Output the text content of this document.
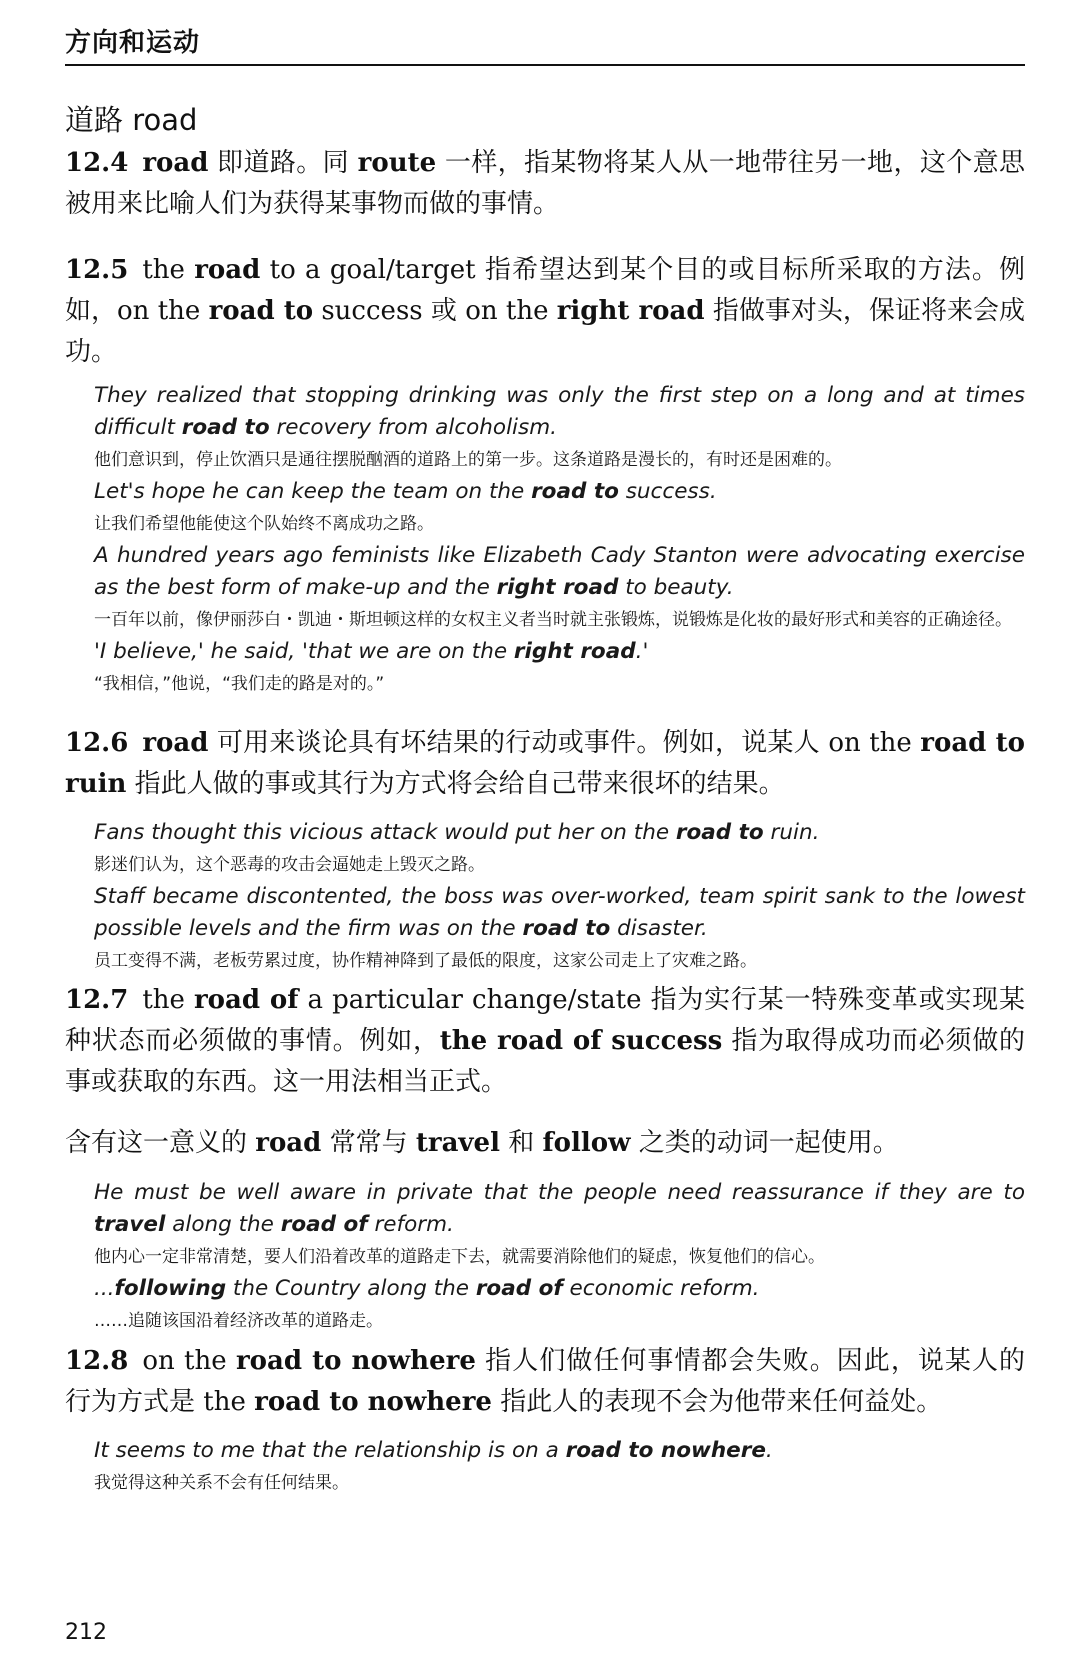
方向和运动
道路 road
12.4 road 即道路。同 route 一样，指某物将某人从一地带往另一地，这个意思被用来比喻人们为获得某事物而做的事情。
12.5 the road to a goal/target 指希望达到某个目的或目标所采取的方法。例如，on the road to success 或 on the right road 指做事对头，保证将来会成功。
They realized that stopping drinking was only the first step on a long and at times difficult road to recovery from alcoholism.
他们意识到，停止饮酒只是通往摆脱酗酒的道路上的第一步。这条道路是漫长的，有时还是困难的。
Let's hope he can keep the team on the road to success.
让我们希望他能使这个队始终不离成功之路。
A hundred years ago feminists like Elizabeth Cady Stanton were advocating exercise as the best form of make-up and the right road to beauty.
一百年以前，像伊丽莎白・凯迪・斯坦顿这样的女权主义者当时就主张锻炼，说锻炼是化妆的最好形式和美容的正确途径。
'I believe,' he said, 'that we are on the right road.'
“我相信，”他说，“我们走的路是对的。”
12.6 road 可用来谈论具有坏结果的行动或事件。例如，说某人 on the road to ruin 指此人做的事或其行为方式将会给自己带来很坏的结果。
Fans thought this vicious attack would put her on the road to ruin.
影迷们认为，这个恶毒的攻击会逼她走上毁灭之路。
Staff became discontented, the boss was over-worked, team spirit sank to the lowest possible levels and the firm was on the road to disaster.
员工变得不满，老板劳累过度，协作精神降到了最低的限度，这家公司走上了灾难之路。
12.7 the road of a particular change/state 指为实行某一特殊变革或实现某种状态而必须做的事情。例如，the road of success 指为取得成功而必须做的事或获取的东西。这一用法相当正式。
含有这一意义的 road 常常与 travel 和 follow 之类的动词一起使用。
He must be well aware in private that the people need reassurance if they are to travel along the road of reform.
他内心一定非常清楚，要人们沿着改革的道路走下去，就需要消除他们的疑虑，恢复他们的信心。
...following the Country along the road of economic reform.
……追随该国沿着经济改革的道路走。
12.8 on the road to nowhere 指人们做任何事情都会失败。因此，说某人的行为方式是 the road to nowhere 指此人的表现不会为他带来任何益处。
It seems to me that the relationship is on a road to nowhere.
我觉得这种关系不会有任何结果。
212
